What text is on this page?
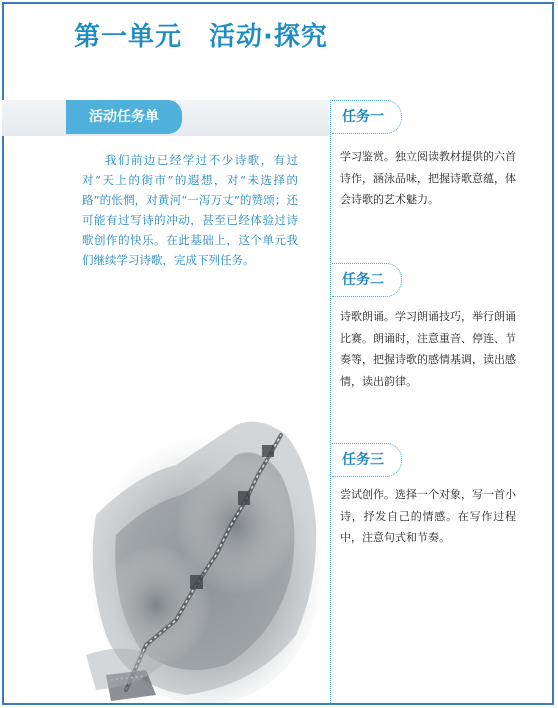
第一单元　活动·探究
活动任务单
我们前边已经学过不少诗歌，有过对“天上的街市”的遐想，对“未选择的路”的怅惘，对黄河“一泻万丈”的赞颂；还可能有过写诗的冲动，甚至已经体验过诗歌创作的快乐。在此基础上，这个单元我们继续学习诗歌，完成下列任务。
任务一
学习鉴赏。独立阅读教材提供的六首诗作，涵泳品味，把握诗歌意蕴，体会诗歌的艺术魅力。
任务二
诗歌朗诵。学习朗诵技巧，举行朗诵比赛。朗诵时，注意重音、停连、节奏等，把握诗歌的感情基调，读出感情，读出韵律。
任务三
尝试创作。选择一个对象，写一首小诗，抒发自己的情感。在写作过程中，注意句式和节奏。
